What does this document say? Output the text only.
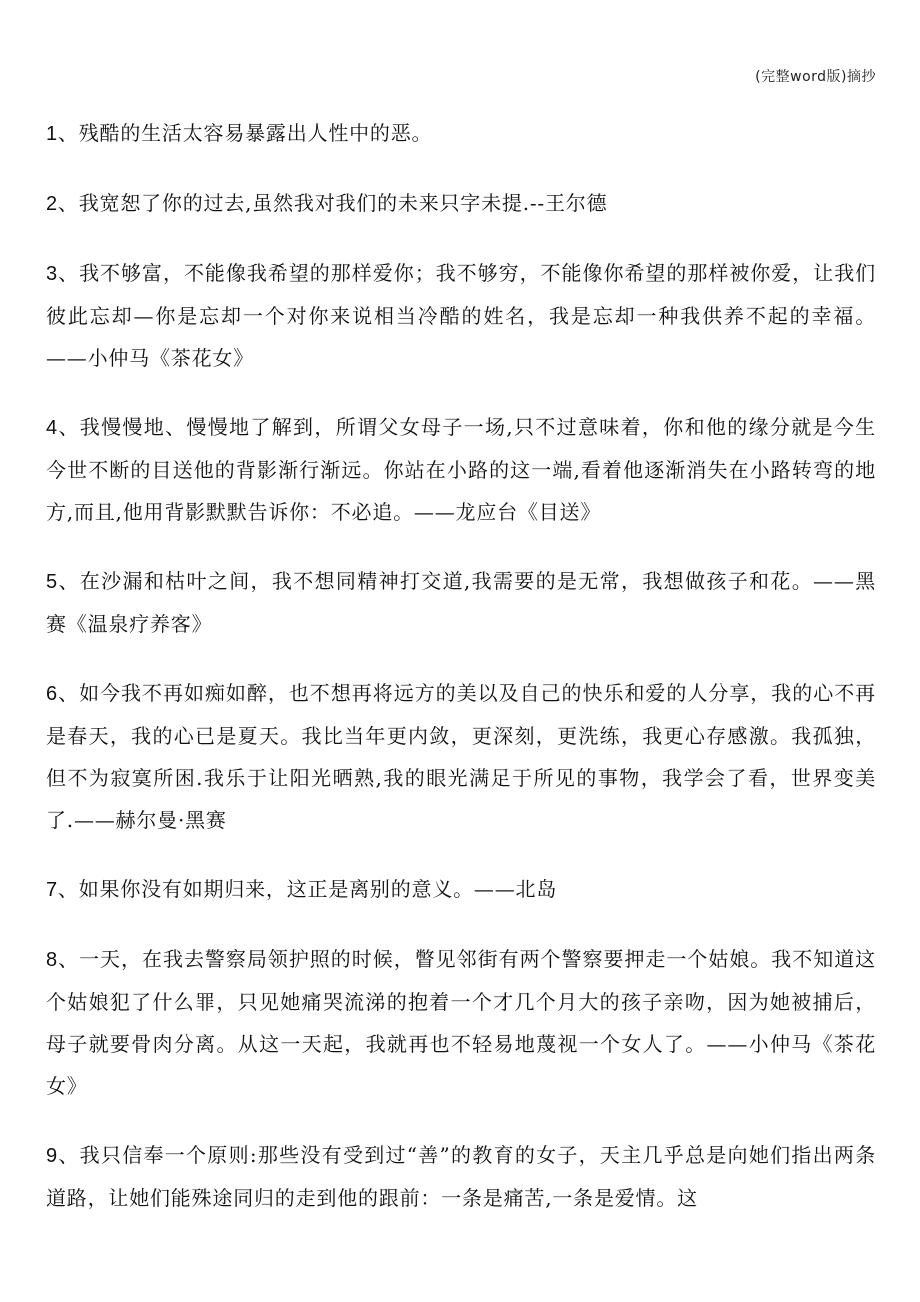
(完整word版)摘抄

1、残酷的生活太容易暴露出人性中的恶。

2、我宽恕了你的过去,虽然我对我们的未来只字未提.--王尔德

3、我不够富，不能像我希望的那样爱你；我不够穷，不能像你希望的那样被你爱，让我们彼此忘却—你是忘却一个对你来说相当冷酷的姓名，我是忘却一种我供养不起的幸福。——小仲马《茶花女》

4、我慢慢地、慢慢地了解到，所谓父女母子一场,只不过意味着，你和他的缘分就是今生今世不断的目送他的背影渐行渐远。你站在小路的这一端,看着他逐渐消失在小路转弯的地方,而且,他用背影默默告诉你：不必追。——龙应台《目送》

5、在沙漏和枯叶之间，我不想同精神打交道,我需要的是无常，我想做孩子和花。——黑赛《温泉疗养客》

6、如今我不再如痴如醉，也不想再将远方的美以及自己的快乐和爱的人分享，我的心不再是春天，我的心已是夏天。我比当年更内敛，更深刻，更洗练，我更心存感激。我孤独，但不为寂寞所困.我乐于让阳光晒熟,我的眼光满足于所见的事物，我学会了看，世界变美了.——赫尔曼·黑赛

7、如果你没有如期归来，这正是离别的意义。——北岛

8、一天，在我去警察局领护照的时候，瞥见邻街有两个警察要押走一个姑娘。我不知道这个姑娘犯了什么罪，只见她痛哭流涕的抱着一个才几个月大的孩子亲吻，因为她被捕后，母子就要骨肉分离。从这一天起，我就再也不轻易地蔑视一个女人了。——小仲马《茶花女》

9、我只信奉一个原则:那些没有受到过“善”的教育的女子，天主几乎总是向她们指出两条道路，让她们能殊途同归的走到他的跟前：一条是痛苦,一条是爱情。这
